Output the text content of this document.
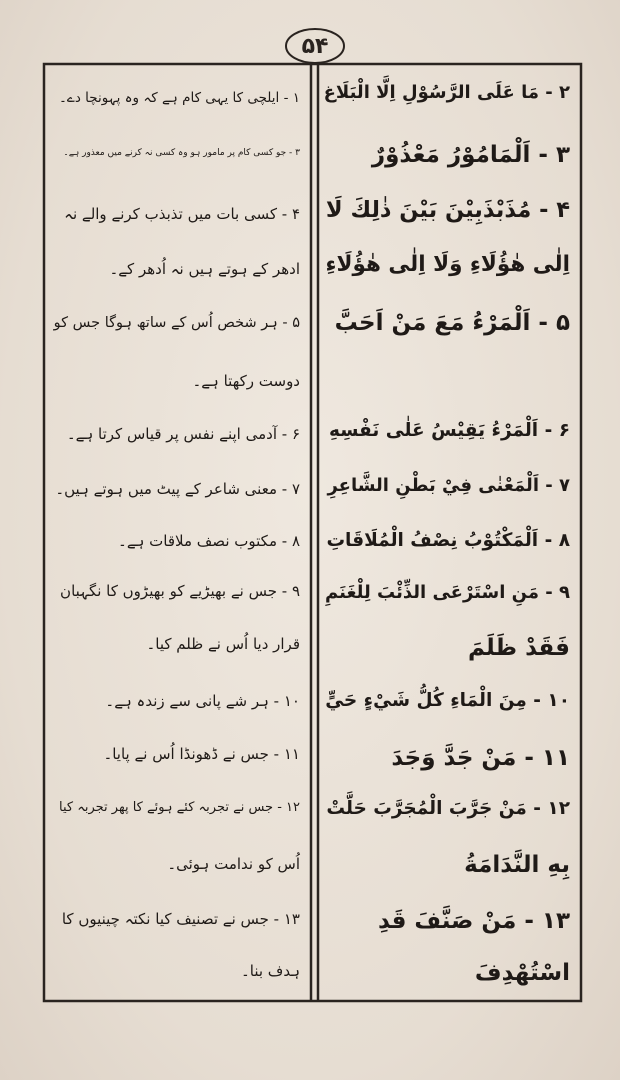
۵۴
۲ - مَا عَلَى الرَّسُوْلِ اِلَّا الْبَلَاغ
۳ - اَلْمَامُوْرُ مَعْذُوْرٌ
۴ - مُذَبْذَبِيْنَ بَيْنَ ذٰلِكَ لَا
اِلٰى هٰؤُلَاءِ وَلَا اِلٰى هٰؤُلَاءِ
۵ - اَلْمَرْءُ مَعَ مَنْ اَحَبَّ
۶ - اَلْمَرْءُ يَقِيْسُ عَلٰى نَفْسِهِ
۷ - اَلْمَعْنٰى فِيْ بَطْنِ الشَّاعِرِ
۸ - اَلْمَكْتُوْبُ نِصْفُ الْمُلَاقَاتِ
۹ - مَنِ اسْتَرْعَى الذِّئْبَ لِلْغَنَمِ
فَقَدْ ظَلَمَ
۱۰ - مِنَ الْمَاءِ كُلُّ شَيْءٍ حَيٍّ
۱۱ - مَنْ جَدَّ وَجَدَ
۱۲ - مَنْ جَرَّبَ الْمُجَرَّبَ حَلَّتْ
بِهِ النَّدَامَةُ
۱۳ - مَنْ صَنَّفَ قَدِ
اسْتُهْدِفَ
۱ - ایلچی کا یہی کام ہے کہ وہ پہونچا دے۔
۳ - جو کسی کام پر مامور ہو وہ کسی نہ کرنے میں معذور ہے۔
۴ - کسی بات میں تذبذب کرنے والے نہ
ادھر کے ہوتے ہیں نہ اُدھر کے۔
۵ - ہر شخص اُس کے ساتھ ہوگا جس کو
دوست رکھتا ہے۔
۶ - آدمی اپنے نفس پر قیاس کرتا ہے۔
۷ - معنی شاعر کے پیٹ میں ہوتے ہیں۔
۸ - مکتوب نصف ملاقات ہے۔
۹ - جس نے بھیڑیے کو بھیڑوں کا نگہبان
قرار دیا اُس نے ظلم کیا۔
۱۰ - ہر شے پانی سے زندہ ہے۔
۱۱ - جس نے ڈھونڈا اُس نے پایا۔
۱۲ - جس نے تجربہ کئے ہوئے کا پھر تجربہ کیا
اُس کو ندامت ہوئی۔
۱۳ - جس نے تصنیف کیا نکتہ چینیوں کا
ہدف بنا۔
